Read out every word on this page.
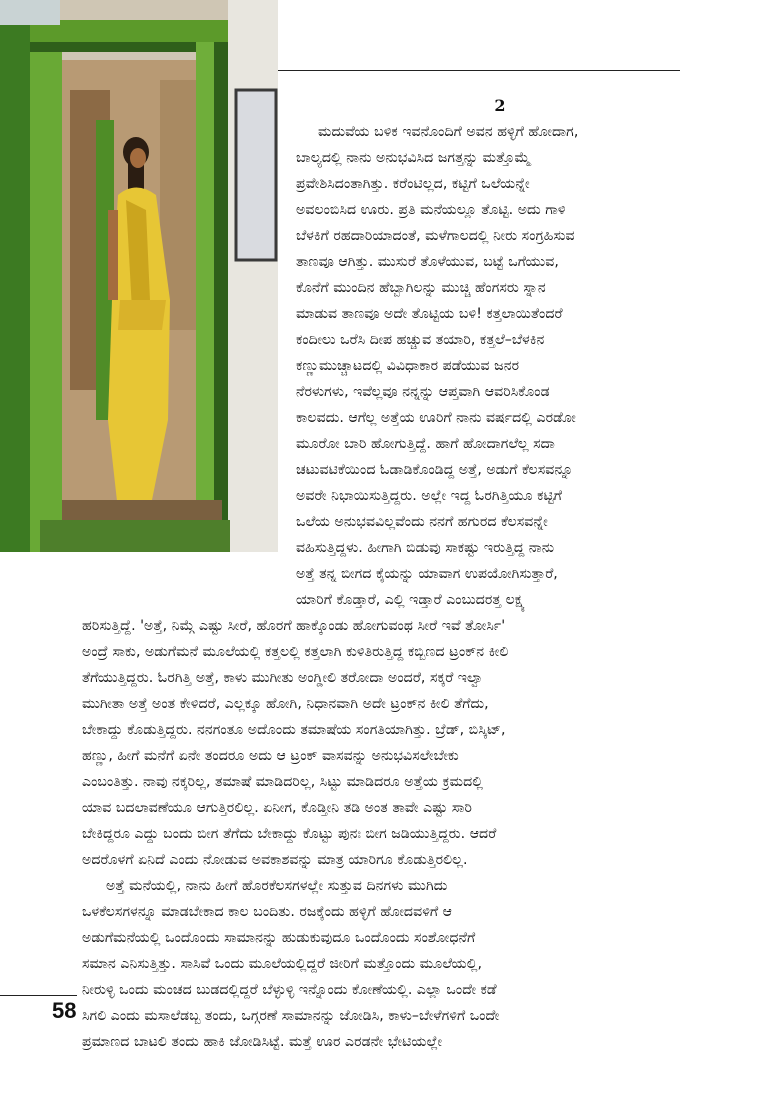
2
ಮದುವೆಯ ಬಳಿಕ ಇವನೊಂದಿಗೆ ಅವನ ಹಳ್ಳಿಗೆ ಹೋದಾಗ,
ಬಾಲ್ಯದಲ್ಲಿ ನಾನು ಅನುಭವಿಸಿದ ಜಗತ್ತನ್ನು ಮತ್ತೊಮ್ಮೆ
ಪ್ರವೇಶಿಸಿದಂತಾಗಿತ್ತು. ಕರೆಂಟಿಲ್ಲದ, ಕಟ್ಟಿಗೆ ಒಲೆಯನ್ನೇ
ಅವಲಂಬಿಸಿದ ಊರು. ಪ್ರತಿ ಮನೆಯಲ್ಲೂ ತೊಟ್ಟಿ. ಅದು ಗಾಳಿ
ಬೆಳಕಿಗೆ ರಹದಾರಿಯಾದಂತೆ, ಮಳೆಗಾಲದಲ್ಲಿ ನೀರು ಸಂಗ್ರಹಿಸುವ
ತಾಣವೂ ಆಗಿತ್ತು. ಮುಸುರೆ ತೊಳೆಯುವ, ಬಟ್ಟೆ ಒಗೆಯುವ,
ಕೊನೆಗೆ ಮುಂದಿನ ಹೆಬ್ಬಾಗಿಲನ್ನು ಮುಚ್ಚಿ ಹೆಂಗಸರು ಸ್ನಾನ
ಮಾಡುವ ತಾಣವೂ ಅದೇ ತೊಟ್ಟಿಯ ಬಳಿ! ಕತ್ತಲಾಯಿತೆಂದರೆ
ಕಂದೀಲು ಒರೆಸಿ ದೀಪ ಹಚ್ಚುವ ತಯಾರಿ, ಕತ್ತಲೆ–ಬೆಳಕಿನ
ಕಣ್ಣುಮುಚ್ಚಾಟದಲ್ಲಿ ವಿವಿಧಾಕಾರ ಪಡೆಯುವ ಜನರ
ನೆರಳುಗಳು, ಇವೆಲ್ಲವೂ ನನ್ನನ್ನು ಆಪ್ತವಾಗಿ ಆವರಿಸಿಕೊಂಡ
ಕಾಲವದು. ಆಗೆಲ್ಲ ಅತ್ತೆಯ ಊರಿಗೆ ನಾನು ವರ್ಷದಲ್ಲಿ ಎರಡೋ
ಮೂರೋ ಬಾರಿ ಹೋಗುತ್ತಿದ್ದೆ. ಹಾಗೆ ಹೋದಾಗಲೆಲ್ಲ ಸದಾ
ಚಟುವಟಿಕೆಯಿಂದ ಓಡಾಡಿಕೊಂಡಿದ್ದ ಅತ್ತೆ, ಅಡುಗೆ ಕೆಲಸವನ್ನೂ
ಅವರೇ ನಿಭಾಯಿಸುತ್ತಿದ್ದರು. ಅಲ್ಲೇ ಇದ್ದ ಓರಗಿತ್ತಿಯೂ ಕಟ್ಟಿಗೆ
ಒಲೆಯ ಅನುಭವವಿಲ್ಲವೆಂದು ನನಗೆ ಹಗುರದ ಕೆಲಸವನ್ನೇ
ವಹಿಸುತ್ತಿದ್ದಳು. ಹೀಗಾಗಿ ಬಿಡುವು ಸಾಕಷ್ಟು ಇರುತ್ತಿದ್ದ ನಾನು
ಅತ್ತೆ ತನ್ನ ಬೀಗದ ಕೈಯನ್ನು ಯಾವಾಗ ಉಪಯೋಗಿಸುತ್ತಾರೆ,
ಯಾರಿಗೆ ಕೊಡ್ತಾರೆ, ಎಲ್ಲಿ ಇಡ್ತಾರೆ ಎಂಬುದರತ್ತ ಲಕ್ಷ್ಯ
ಹರಿಸುತ್ತಿದ್ದೆ. 'ಅತ್ತೆ, ನಿಮ್ಗೆ ಎಷ್ಟು ಸೀರೆ, ಹೊರಗೆ ಹಾಕ್ಕೊಂಡು ಹೋಗುವಂಥ ಸೀರೆ ಇವೆ ತೋರ್ಸಿ'
ಅಂದ್ರೆ ಸಾಕು, ಅಡುಗೆಮನೆ ಮೂಲೆಯಲ್ಲಿ ಕತ್ತಲಲ್ಲಿ ಕತ್ತಲಾಗಿ ಕುಳಿತಿರುತ್ತಿದ್ದ ಕಬ್ಬಿಣದ ಟ್ರಂಕ್‌ನ ಕೀಲಿ
ತೆಗೆಯುತ್ತಿದ್ದರು. ಓರಗಿತ್ತಿ ಅತ್ತೆ, ಕಾಳು ಮುಗೀತು ಅಂಗ್ಡೀಲಿ ತರೋದಾ ಅಂದರೆ, ಸಕ್ಕರೆ ಇಲ್ವಾ
ಮುಗೀತಾ ಅತ್ತೆ ಅಂತ ಕೇಳಿದರೆ, ಎಲ್ಲಕ್ಕೂ ಹೋಗಿ, ನಿಧಾನವಾಗಿ ಅದೇ ಟ್ರಂಕ್‌ನ ಕೀಲಿ ತೆಗೆದು,
ಬೇಕಾದ್ದು ಕೊಡುತ್ತಿದ್ದರು. ನನಗಂತೂ ಅದೊಂದು ತಮಾಷೆಯ ಸಂಗತಿಯಾಗಿತ್ತು. ಬ್ರೆಡ್, ಬಿಸ್ಕಿಟ್,
ಹಣ್ಣು, ಹೀಗೆ ಮನೆಗೆ ಏನೇ ತಂದರೂ ಅದು ಆ ಟ್ರಂಕ್ ವಾಸವನ್ನು ಅನುಭವಿಸಲೇಬೇಕು
ಎಂಬಂತಿತ್ತು. ನಾವು ನಕ್ಕರಿಲ್ಲ, ತಮಾಷೆ ಮಾಡಿದರಿಲ್ಲ, ಸಿಟ್ಟು ಮಾಡಿದರೂ ಅತ್ತೆಯ ಕ್ರಮದಲ್ಲಿ
ಯಾವ ಬದಲಾವಣೆಯೂ ಆಗುತ್ತಿರಲಿಲ್ಲ. ಏನೀಗ, ಕೊಡ್ತೀನಿ ತಡಿ ಅಂತ ತಾವೇ ಎಷ್ಟು ಸಾರಿ
ಬೇಕಿದ್ದರೂ ಎದ್ದು ಬಂದು ಬೀಗ ತೆಗೆದು ಬೇಕಾದ್ದು ಕೊಟ್ಟು ಪುನಃ ಬೀಗ ಜಡಿಯುತ್ತಿದ್ದರು. ಆದರೆ
ಅದರೊಳಗೆ ಏನಿದೆ ಎಂದು ನೋಡುವ ಅವಕಾಶವನ್ನು ಮಾತ್ರ ಯಾರಿಗೂ ಕೊಡುತ್ತಿರಲಿಲ್ಲ.
ಅತ್ತೆ ಮನೆಯಲ್ಲಿ, ನಾನು ಹೀಗೆ ಹೊರಕೆಲಸಗಳಲ್ಲೇ ಸುತ್ತುವ ದಿನಗಳು ಮುಗಿದು
ಒಳಕೆಲಸಗಳನ್ನೂ ಮಾಡಬೇಕಾದ ಕಾಲ ಬಂದಿತು. ರಜಕ್ಕೆಂದು ಹಳ್ಳಿಗೆ ಹೋದವಳಿಗೆ ಆ
ಅಡುಗೆಮನೆಯಲ್ಲಿ ಒಂದೊಂದು ಸಾಮಾನನ್ನು ಹುಡುಕುವುದೂ ಒಂದೊಂದು ಸಂಶೋಧನೆಗೆ
ಸಮಾನ ಎನಿಸುತ್ತಿತ್ತು. ಸಾಸಿವೆ ಒಂದು ಮೂಲೆಯಲ್ಲಿದ್ದರೆ ಜೀರಿಗೆ ಮತ್ತೊಂದು ಮೂಲೆಯಲ್ಲಿ,
ನೀರುಳ್ಳಿ ಒಂದು ಮಂಚದ ಬುಡದಲ್ಲಿದ್ದರೆ ಬೆಳ್ಳುಳ್ಳಿ ಇನ್ನೊಂದು ಕೋಣೆಯಲ್ಲಿ. ಎಲ್ಲಾ ಒಂದೇ ಕಡೆ
ಸಿಗಲಿ ಎಂದು ಮಸಾಲೆಡಬ್ಬ ತಂದು, ಒಗ್ಗರಣೆ ಸಾಮಾನನ್ನು ಜೋಡಿಸಿ, ಕಾಳು–ಬೇಳೆಗಳಿಗೆ ಒಂದೇ
ಪ್ರಮಾಣದ ಬಾಟಲಿ ತಂದು ಹಾಕಿ ಜೋಡಿಸಿಟ್ಟೆ. ಮತ್ತೆ ಊರ ಎರಡನೇ ಭೇಟಿಯಲ್ಲೇ
58
